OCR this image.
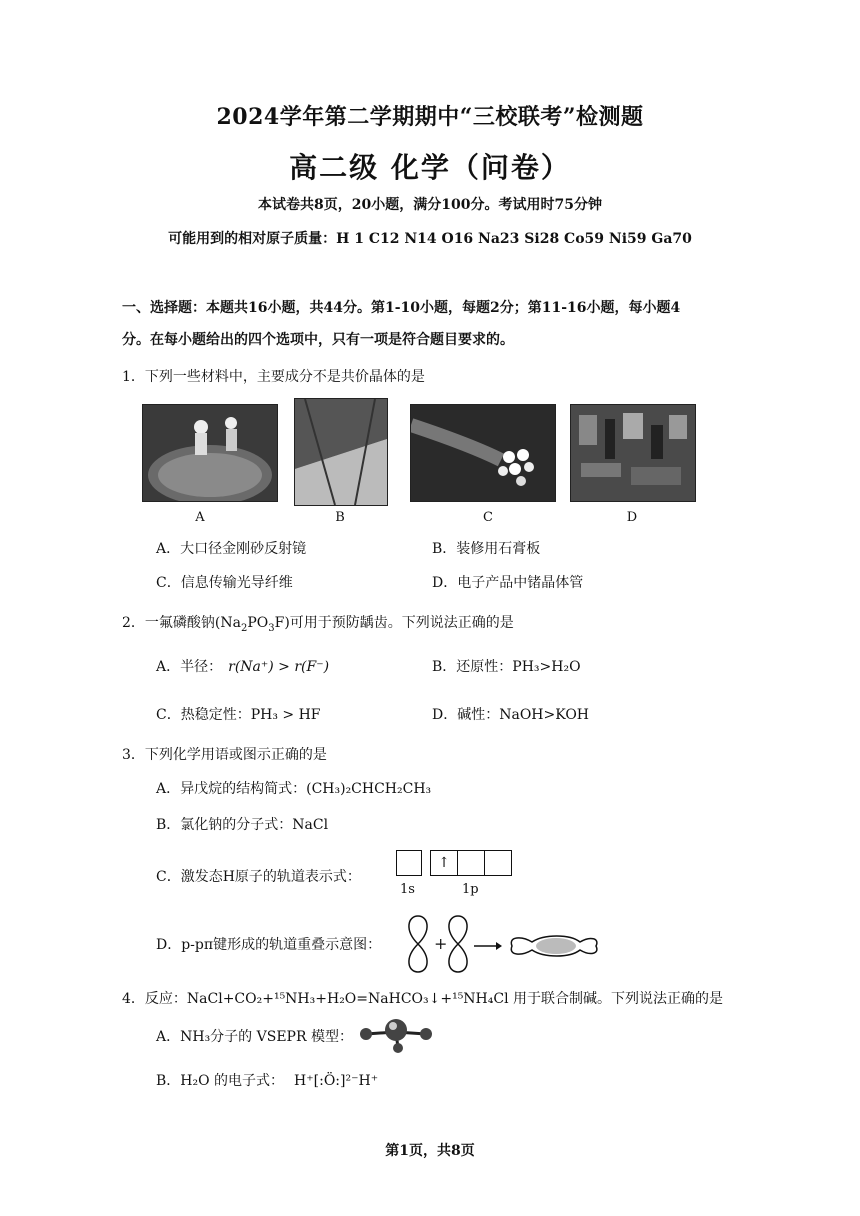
2024学年第二学期期中“三校联考”检测题
高二级 化学（问卷）
本试卷共8页，20小题，满分100分。考试用时75分钟
可能用到的相对原子质量：H 1 C12 N14 O16 Na23 Si28 Co59 Ni59 Ga70
一、选择题：本题共16小题，共44分。第1-10小题，每题2分；第11-16小题，每小题4
分。在每小题给出的四个选项中，只有一项是符合题目要求的。
1．下列一些材料中，主要成分不是共价晶体的是
A	B	C	D
A．大口径金刚砂反射镜	B．装修用石膏板
C．信息传输光导纤维	D．电子产品中锗晶体管
2．一氟磷酸钠$(Na_2PO_3F)$可用于预防龋齿。下列说法正确的是
A．半径： r(Na⁺) > r(F⁻)	B．还原性：PH₃>H₂O
C．热稳定性：PH₃ > HF	D．碱性：NaOH>KOH
3．下列化学用语或图示正确的是
A．异戊烷的结构简式：(CH₃)₂CHCH₂CH₃
B．氯化钠的分子式：NaCl
C．激发态H原子的轨道表示式：
↑
1s	1p
D．p-pπ键形成的轨道重叠示意图：	+
4．反应：NaCl+CO₂+¹⁵NH₃+H₂O=NaHCO₃↓+¹⁵NH₄Cl 用于联合制碱。下列说法正确的是
A．NH₃分子的 VSEPR 模型：
B．H₂O 的电子式： H⁺[:Ö:]²⁻H⁺
第1页，共8页
